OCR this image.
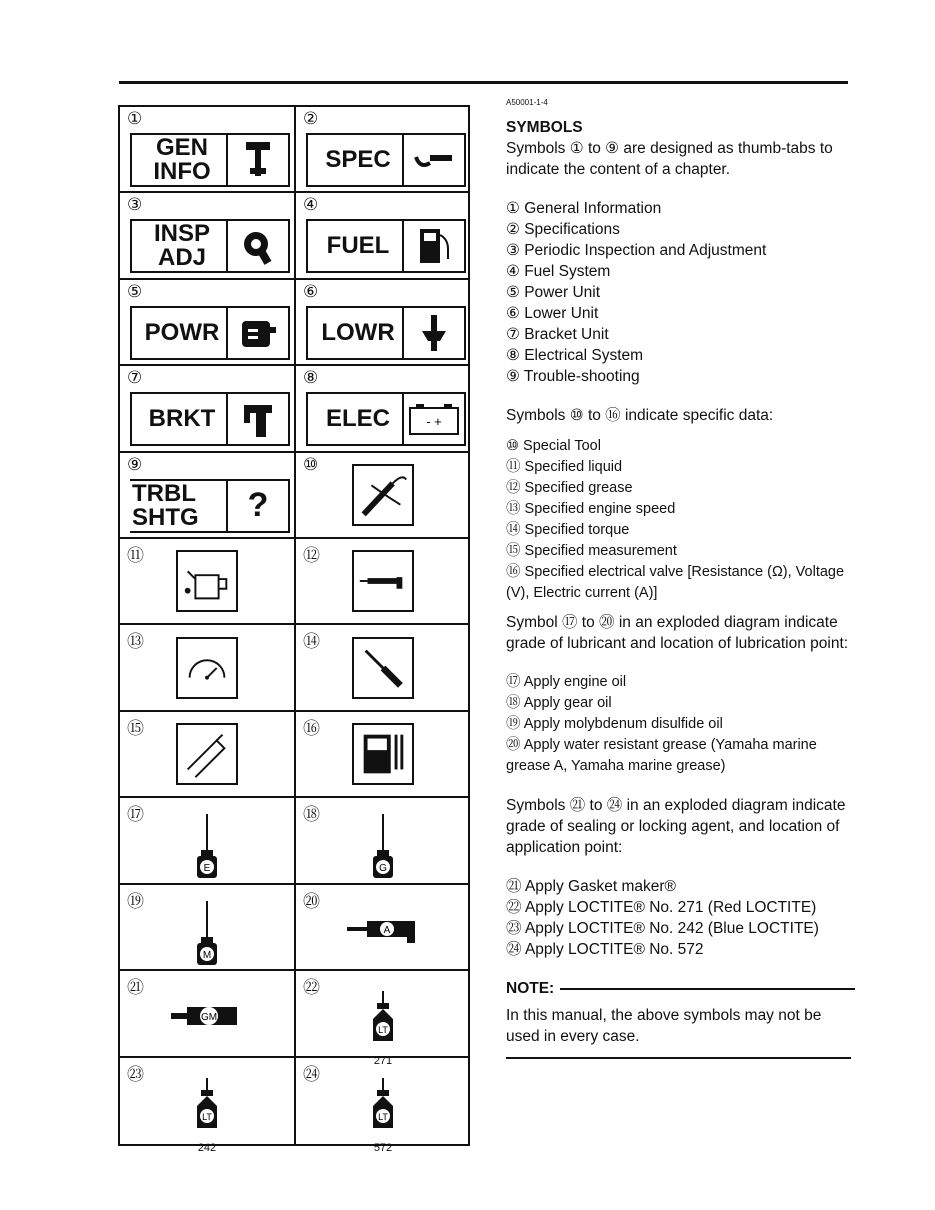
①
GEN
INFO
②
SPEC
③
INSP
ADJ
④
FUEL
⑤
POWR
⑥
LOWR
⑦
BRKT
⑧
ELEC	- +
⑨
TRBL
SHTG	?
⑩
⑪	⑫
⑬	⑭
⑮	⑯
⑰
E
⑱
G
⑲
M
⑳
A
㉑
GM
㉒
LT
271
㉓
LT
242
㉔
LT
572
A50001-1-4
SYMBOLS

Symbols ① to ⑨ are designed as thumb-tabs to indicate the content of a chapter.

① General Information
② Specifications
③ Periodic Inspection and Adjustment
④ Fuel System
⑤ Power Unit
⑥ Lower Unit
⑦ Bracket Unit
⑧ Electrical System
⑨ Trouble-shooting

Symbols ⑩ to ⑯ indicate specific data:

⑩ Special Tool
⑪ Specified liquid
⑫ Specified grease
⑬ Specified engine speed
⑭ Specified torque
⑮ Specified measurement
⑯ Specified electrical valve [Resistance (Ω), Voltage (V), Electric current (A)]

Symbol ⑰ to ⑳ in an exploded diagram indicate grade of lubricant and location of lubrication point:

⑰ Apply engine oil
⑱ Apply gear oil
⑲ Apply molybdenum disulfide oil
⑳ Apply water resistant grease (Yamaha marine grease A, Yamaha marine grease)

Symbols ㉑ to ㉔ in an exploded diagram indicate grade of sealing or locking agent, and location of application point:

㉑ Apply Gasket maker®
㉒ Apply LOCTITE® No. 271 (Red LOCTITE)
㉓ Apply LOCTITE® No. 242 (Blue LOCTITE)
㉔ Apply LOCTITE® No. 572
NOTE:

In this manual, the above symbols may not be used in every case.
